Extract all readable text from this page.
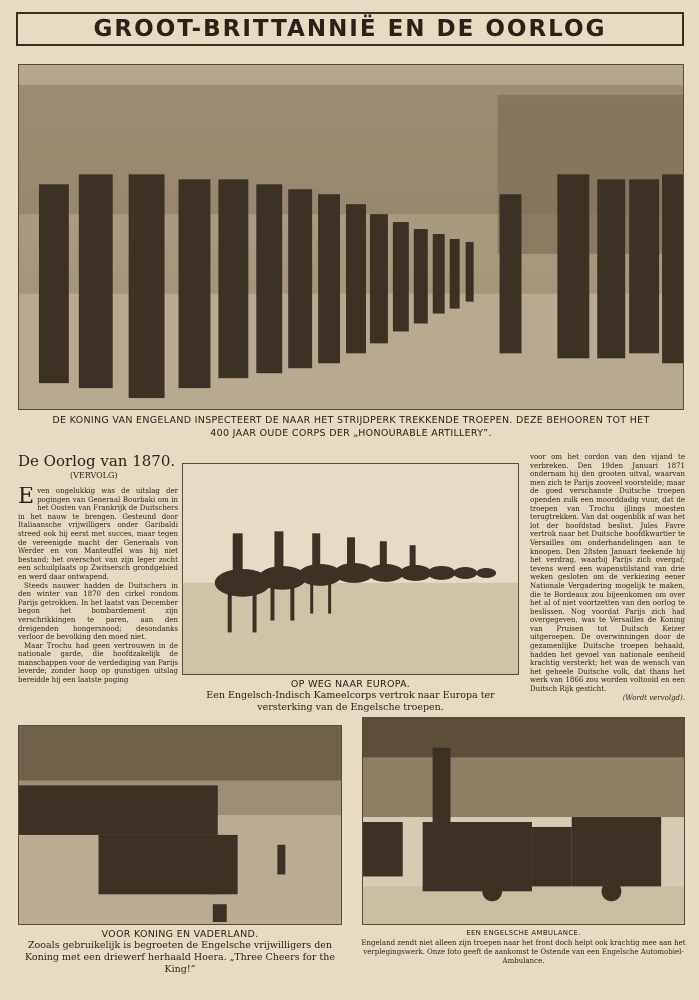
GROOT-BRITTANNIË EN DE OORLOG
DE KONING VAN ENGELAND INSPECTEERT DE NAAR HET STRIJDPERK TREKKENDE TROEPEN. DEZE BEHOOREN TOT HET
400 JAAR OUDE CORPS DER „HONOURABLE ARTILLERY”.
De Oorlog van 1870.
(VERVOLG)

Even ongelukkig was de uitslag der pogingen van Generaal Bourbaki om in het Oosten van Frankrijk de Duitschers in het nauw te brengen. Gesteund door Italiaansche vrijwilligers onder Garibaldi streed ook hij eerst met succes, maar tegen de vereenigde macht der Generaals von Werder en von Manteuffel was hij niet bestand; het overschot van zijn leger zocht een schuilplaats op Zwitsersch grondgebied en werd daar ontwapend.

Steeds nauwer hadden de Duitschers in den winter van 1870 den cirkel rondom Parijs getrokken. In het laatst van December begon het bombardement zijn verschrikkingen te paren, aan den dreigenden hongersnood; desondanks verloor de bevolking den moed niet.

Maar Trochu had geen vertrouwen in de nationale garde, die hoofdzakelijk de manschappen voor de verdediging van Parijs leverde; zonder hoop op gunstigen uitslag bereidde hij een laatste poging

voor om het cordon van den vijand te verbreken. Den 19den Januari 1871 ondernam hij den grooten uitval, waarvan men zich te Parijs zooveel voorstelde; maar de goed verschanste Duitsche troepen openden zulk een moorddadig vuur, dat de troepen van Trochu ijlings moesten terugtrekken. Van dat oogenblik af was het lot der hoofdstad beslist. Jules Favre vertrok naar het Duitsche hoofdkwartier te Versailles om onderhandelingen aan te knoopen. Den 28sten Januari teekende hij het verdrag, waarbij Parijs zich overgaf; tevens werd een wapenstilstand van drie weken gesloten om de verkiezing eener Nationale Vergadering mogelijk te maken, die te Bordeaux zou bijeenkomen om over het al of niet voortzetten van den oorlog te beslissen. Nog voordat Parijs zich had overgegeven, was te Versailles de Koning van Pruisen tot Duitsch Keizer uitgeroepen. De overwinningen door de gezamenlijke Duitsche troepen behaald, hadden het gevoel van nationale eenheid krachtig versterkt; het was de wensch van het geheele Duitsche volk, dat thans het werk van 1866 zou worden voltooid en een Duitsch Rijk gesticht.

(Wordt vervolgd).
OP WEG NAAR EUROPA.
Een Engelsch-Indisch Kameelcorps vertrok naar Europa ter versterking van de Engelsche troepen.
VOOR KONING EN VADERLAND.
Zooals gebruikelijk is begroeten de Engelsche vrijwilligers den Koning met een driewerf herhaald Hoera. „Three Cheers for the King!”
EEN ENGELSCHE AMBULANCE.
Engeland zendt niet alleen zijn troepen naar het front doch helpt ook krachtig mee aan het verplegingswerk. Onze foto geeft de aankomst te Ostende van een Engelsche Automobiel-Ambulance.
